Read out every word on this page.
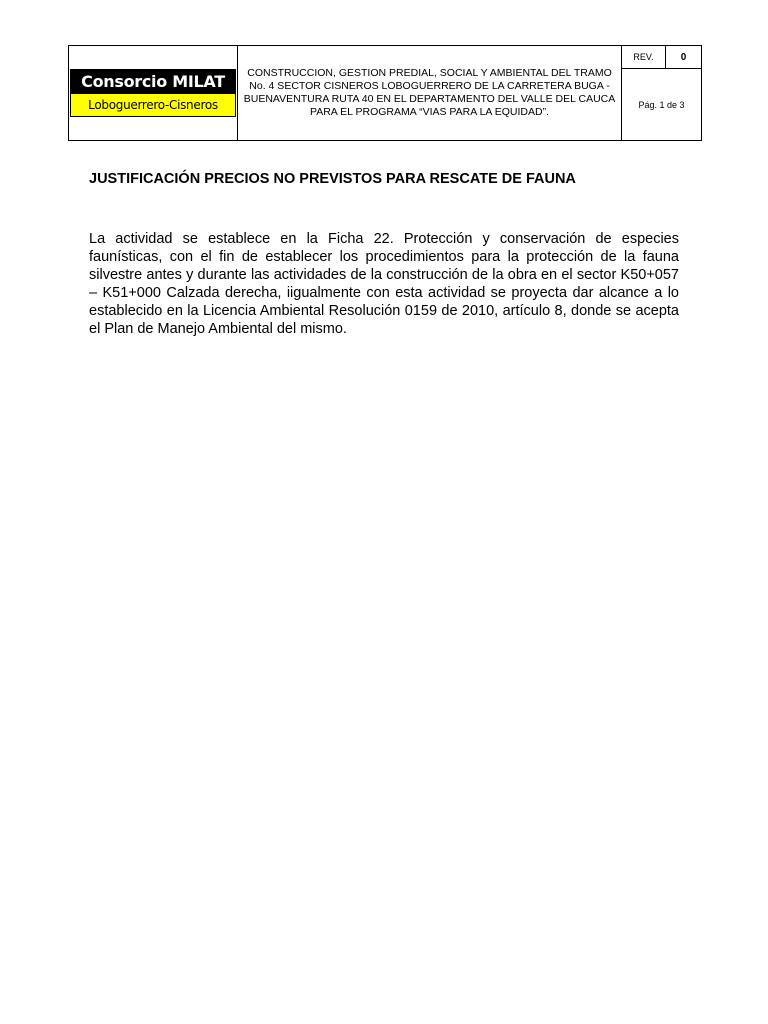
Consorcio MILAT
Loboguerrero-Cisneros
	CONSTRUCCION, GESTION PREDIAL, SOCIAL Y AMBIENTAL DEL TRAMO No. 4 SECTOR CISNEROS LOBOGUERRERO DE LA CARRETERA BUGA - BUENAVENTURA RUTA 40 EN EL DEPARTAMENTO DEL VALLE DEL CAUCA PARA EL PROGRAMA “VIAS PARA LA EQUIDAD”.	REV.	0
Pág. 1 de 3
JUSTIFICACIÓN PRECIOS NO PREVISTOS PARA RESCATE DE FAUNA

La actividad se establece en la Ficha 22. Protección y conservación de especies faunísticas, con el fin de establecer los procedimientos para la protección de la fauna silvestre antes y durante las actividades de la construcción de la obra en el sector K50+057 – K51+000 Calzada derecha, iigualmente con esta actividad se proyecta dar alcance a lo establecido en la Licencia Ambiental Resolución 0159 de 2010, artículo 8, donde se acepta el Plan de Manejo Ambiental del mismo.
